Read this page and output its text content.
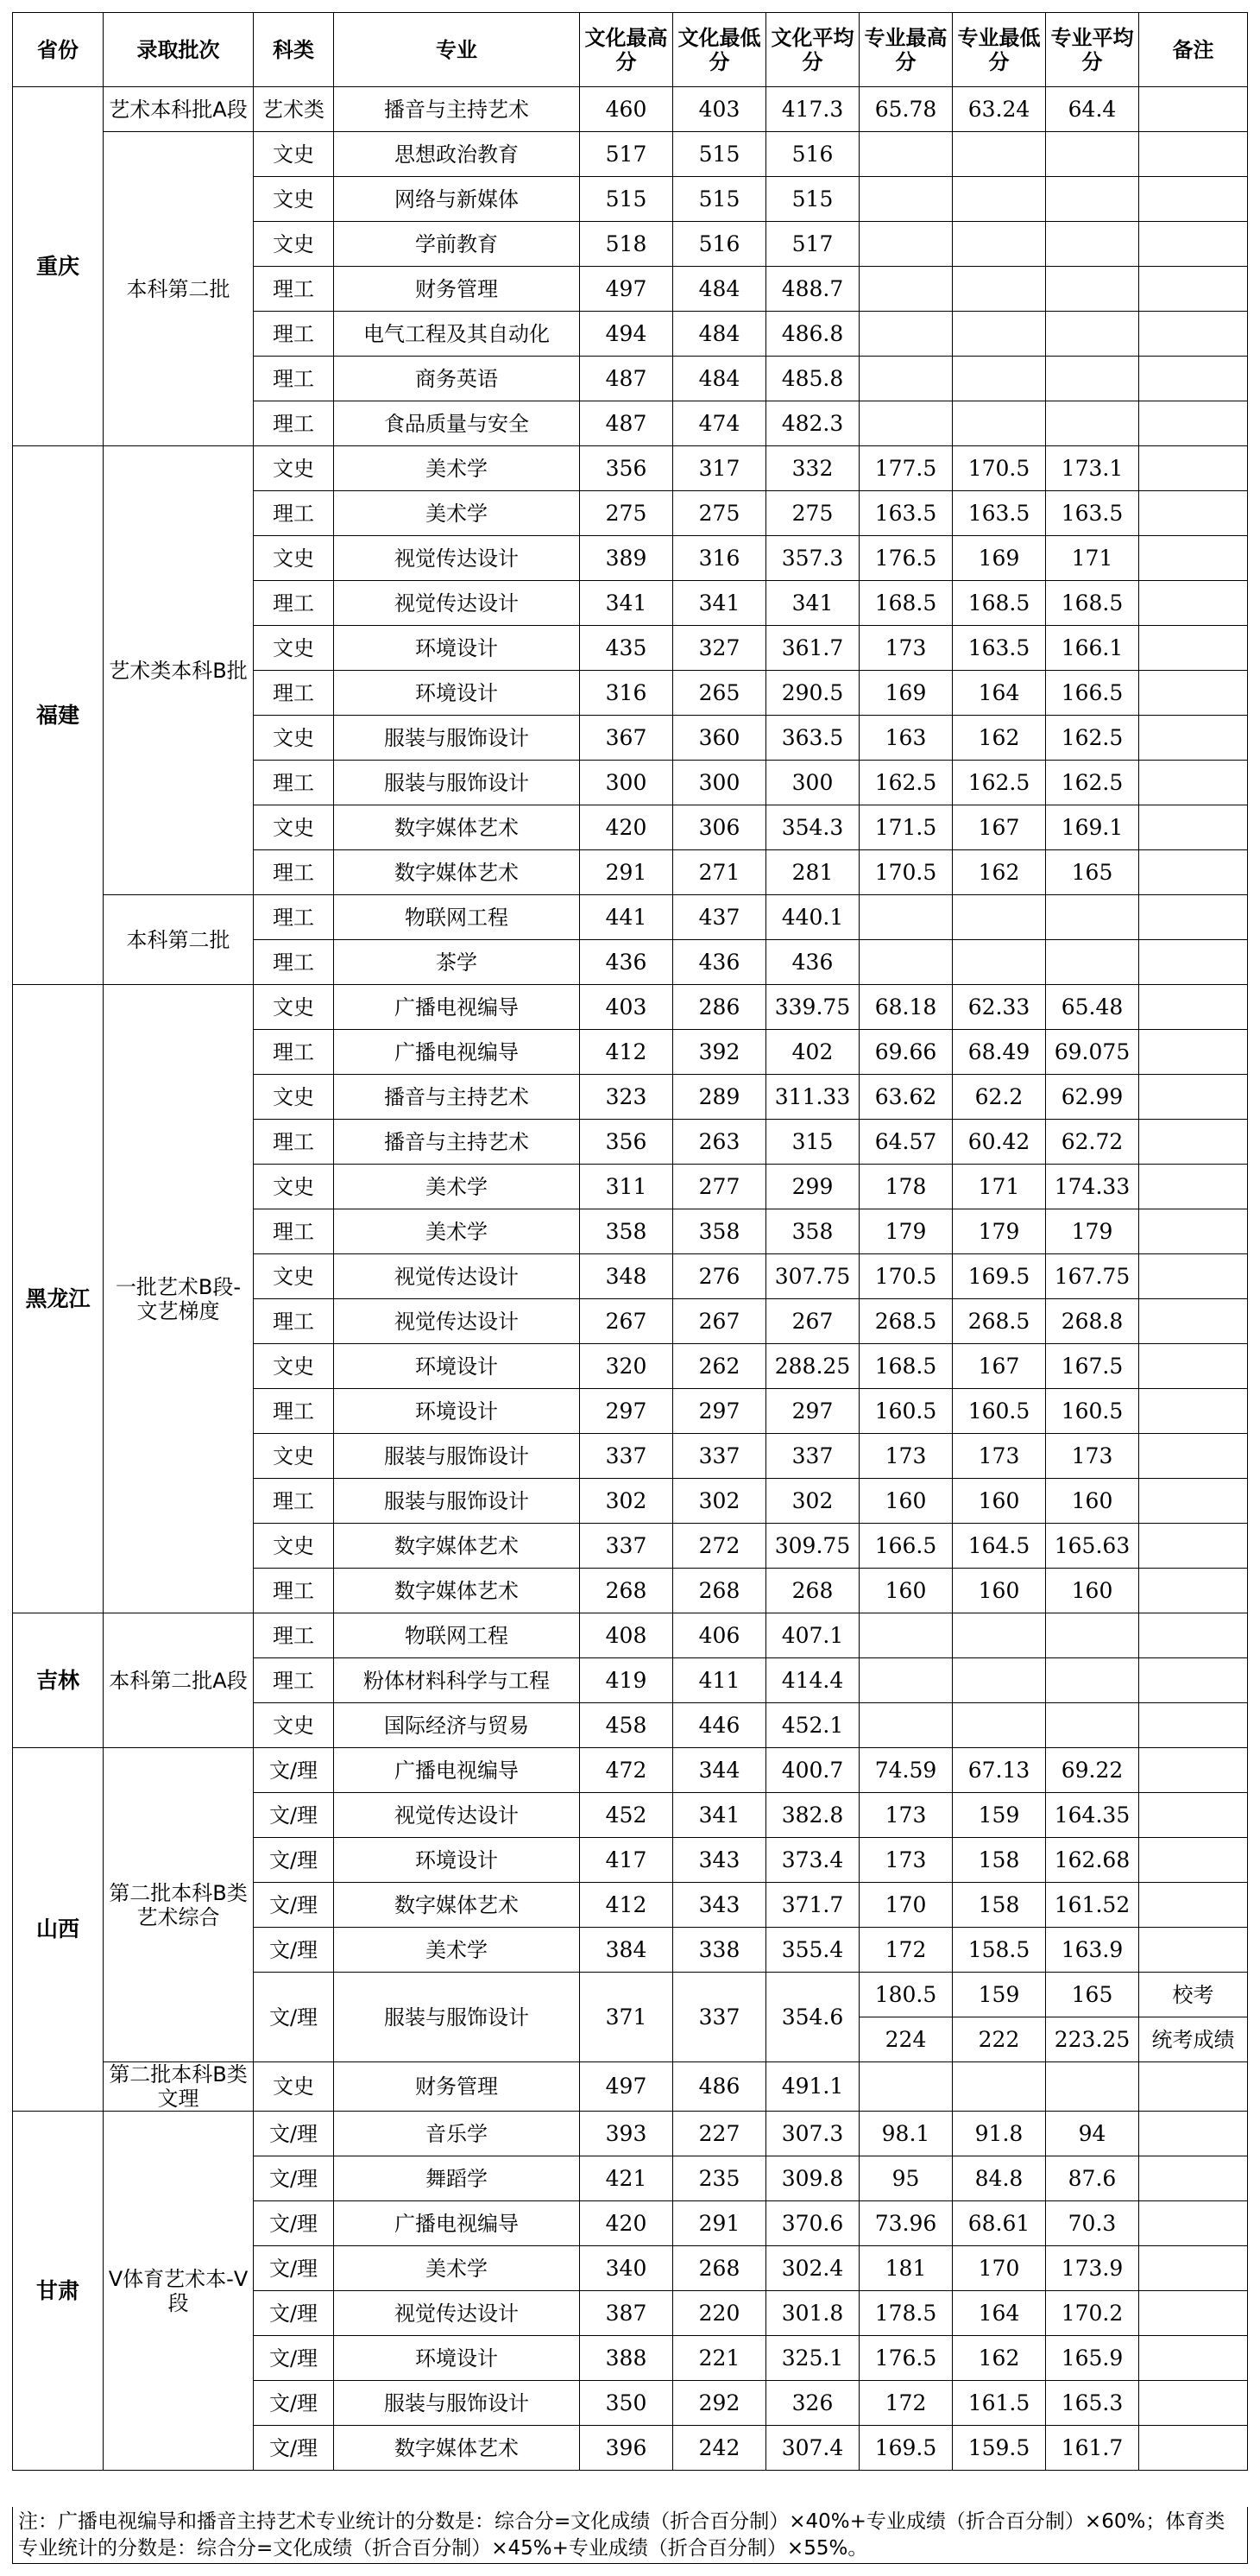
省份	录取批次	科类	专业	文化最高分	文化最低分	文化平均分	专业最高分	专业最低分	专业平均分	备注
重庆	艺术本科批A段	艺术类	播音与主持艺术	460	403	417.3	65.78	63.24	64.4	
	本科第二批	文史	思想政治教育	517	515	516				
		文史	网络与新媒体	515	515	515				
		文史	学前教育	518	516	517				
		理工	财务管理	497	484	488.7				
		理工	电气工程及其自动化	494	484	486.8				
		理工	商务英语	487	484	485.8				
		理工	食品质量与安全	487	474	482.3				
福建	艺术类本科B批	文史	美术学	356	317	332	177.5	170.5	173.1	
		理工	美术学	275	275	275	163.5	163.5	163.5	
		文史	视觉传达设计	389	316	357.3	176.5	169	171	
		理工	视觉传达设计	341	341	341	168.5	168.5	168.5	
		文史	环境设计	435	327	361.7	173	163.5	166.1	
		理工	环境设计	316	265	290.5	169	164	166.5	
		文史	服装与服饰设计	367	360	363.5	163	162	162.5	
		理工	服装与服饰设计	300	300	300	162.5	162.5	162.5	
		文史	数字媒体艺术	420	306	354.3	171.5	167	169.1	
		理工	数字媒体艺术	291	271	281	170.5	162	165	
	本科第二批	理工	物联网工程	441	437	440.1				
		理工	茶学	436	436	436				
黑龙江	一批艺术B段-文艺梯度	文史	广播电视编导	403	286	339.75	68.18	62.33	65.48	
		理工	广播电视编导	412	392	402	69.66	68.49	69.075	
		文史	播音与主持艺术	323	289	311.33	63.62	62.2	62.99	
		理工	播音与主持艺术	356	263	315	64.57	60.42	62.72	
		文史	美术学	311	277	299	178	171	174.33	
		理工	美术学	358	358	358	179	179	179	
		文史	视觉传达设计	348	276	307.75	170.5	169.5	167.75	
		理工	视觉传达设计	267	267	267	268.5	268.5	268.8	
		文史	环境设计	320	262	288.25	168.5	167	167.5	
		理工	环境设计	297	297	297	160.5	160.5	160.5	
		文史	服装与服饰设计	337	337	337	173	173	173	
		理工	服装与服饰设计	302	302	302	160	160	160	
		文史	数字媒体艺术	337	272	309.75	166.5	164.5	165.63	
		理工	数字媒体艺术	268	268	268	160	160	160	
吉林	本科第二批A段	理工	物联网工程	408	406	407.1				
		理工	粉体材料科学与工程	419	411	414.4				
		文史	国际经济与贸易	458	446	452.1				
山西	第二批本科B类艺术综合	文/理	广播电视编导	472	344	400.7	74.59	67.13	69.22	
		文/理	视觉传达设计	452	341	382.8	173	159	164.35	
		文/理	环境设计	417	343	373.4	173	158	162.68	
		文/理	数字媒体艺术	412	343	371.7	170	158	161.52	
		文/理	美术学	384	338	355.4	172	158.5	163.9	
		文/理	服装与服饰设计	371	337	354.6	180.5	159	165	校考
							224	222	223.25	统考成绩
	第二批本科B类文理	文史	财务管理	497	486	491.1				
甘肃	V体育艺术本-V段	文/理	音乐学	393	227	307.3	98.1	91.8	94	
		文/理	舞蹈学	421	235	309.8	95	84.8	87.6	
		文/理	广播电视编导	420	291	370.6	73.96	68.61	70.3	
		文/理	美术学	340	268	302.4	181	170	173.9	
		文/理	视觉传达设计	387	220	301.8	178.5	164	170.2	
		文/理	环境设计	388	221	325.1	176.5	162	165.9	
		文/理	服装与服饰设计	350	292	326	172	161.5	165.3	
		文/理	数字媒体艺术	396	242	307.4	169.5	159.5	161.7	
注：广播电视编导和播音主持艺术专业统计的分数是：综合分=文化成绩（折合百分制）×40%+专业成绩（折合百分制）×60%；体育类专业统计的分数是：综合分=文化成绩（折合百分制）×45%+专业成绩（折合百分制）×55%。
